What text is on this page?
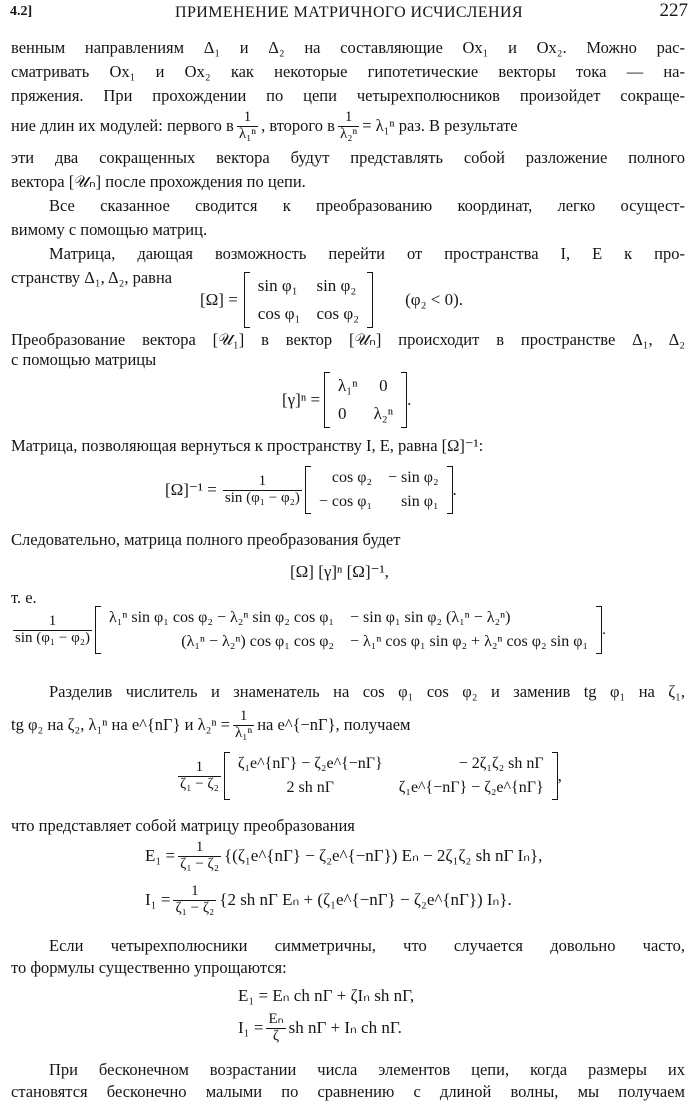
4.2]	ПРИМЕНЕНИЕ МАТРИЧНОГО ИСЧИСЛЕНИЯ	227

венным направлениям Δ₁ и Δ₂ на составляющие Ox₁ и Ox₂. Можно рас-

сматривать Ox₁ и Ox₂ как некоторые гипотетические векторы тока — на-

пряжения. При прохождении по цепи четырехполюсников произойдет сокраще-

ние длин их модулей: первого в $\frac{1}{\text{λ₁ⁿ}}$ , второго в $\frac{1}{\text{λ₂ⁿ}} = \lambda_1^n$ раз. В результате

эти два сокращенных вектора будут представлять собой разложение полного

вектора [𝒰ₙ] после прохождения по цепи.

Все сказанное сводится к преобразованию координат, легко осущест-

вимому с помощью матриц.

Матрица, дающая возможность перейти от пространства I, E к про-

странству Δ₁, Δ₂, равна

[Ω] =
sin φ₁	sin φ₂
cos φ₁	cos φ₂
(φ₂ < 0).

Преобразование вектора [𝒰₁] в вектор [𝒰ₙ] происходит в пространстве Δ₁, Δ₂

с помощью матрицы

[γ]ⁿ =
λ₁ⁿ	0
0	λ₂ⁿ
.

Матрица, позволяющая вернуться к пространству I, E, равна [Ω]⁻¹:

$[\Omega]^{-1} = \frac{1}{\text{sin (φ₁ − φ₂)}}$ cos φ₂	− sin φ₂
− cos φ₁	sin φ₁
.

Следовательно, матрица полного преобразования будет

[Ω] [γ]ⁿ [Ω]⁻¹,

т. е.

$\frac{1}{\text{sin (φ₁ − φ₂)}} \lambda_1^n$ sin φ₁ cos φ₂ − λ₂ⁿ sin φ₂ cos φ₁	− sin φ₁ sin φ₂ (λ₁ⁿ − λ₂ⁿ)
(λ₁ⁿ − λ₂ⁿ) cos φ₁ cos φ₂	− λ₁ⁿ cos φ₁ sin φ₂ + λ₂ⁿ cos φ₂ sin φ₁
.

Разделив числитель и знаменатель на cos φ₁ cos φ₂ и заменив tg φ₁ на ζ₁,

tg φ₂ на ζ₂, λ₁ⁿ на e^{nΓ} и $\lambda_2^n = \frac{1}{\text{λ₁ⁿ}}$ на e^{−nΓ}, получаем
$\frac{1}{\text{ζ₁ − ζ₂}}$ ζ₁e^{nΓ} − ζ₂e^{−nΓ}	− 2ζ₁ζ₂ sh nΓ
2 sh nΓ	ζ₁e^{−nΓ} − ζ₂e^{nΓ}
,

что представляет собой матрицу преобразования

$E_1 = \frac{1}{\text{ζ₁ − ζ₂}}$ {(ζ₁e^{nΓ} − ζ₂e^{−nΓ}) Eₙ − 2ζ₁ζ₂ sh nΓ Iₙ},
$I_1 = \frac{1}{\text{ζ₁ − ζ₂}} \{2$ sh nΓ Eₙ + (ζ₁e^{−nΓ} − ζ₂e^{nΓ}) Iₙ}.

Если четырехполюсники симметричны, что случается довольно часто,

то формулы существенно упрощаются:

E₁ = Eₙ ch nΓ + ζIₙ sh nΓ,
$I_1 = \frac{\text{Eₙ}}{\zeta}$ sh nΓ + Iₙ ch nΓ.

При бесконечном возрастании числа элементов цепи, когда размеры их

становятся бесконечно малыми по сравнению с длиной волны, мы получаем
